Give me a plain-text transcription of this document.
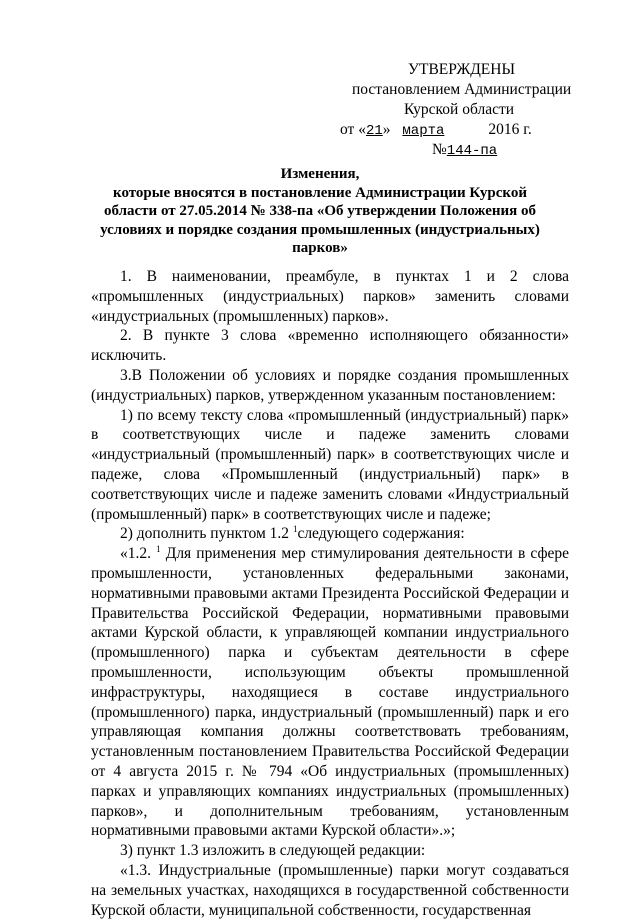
УТВЕРЖДЕНЫ
постановлением Администрации
Курской области
от «21» марта	2016 г.
№144-па
Изменения,
которые вносятся в постановление Администрации Курской
области от 27.05.2014 № 338-па «Об утверждении Положения об
условиях и порядке создания промышленных (индустриальных)
парков»

1. В наименовании, преамбуле, в пунктах 1 и 2 слова «промышленных (индустриальных) парков» заменить словами «индустриальных (промышленных) парков».

2. В пункте 3 слова «временно исполняющего обязанности» исключить.

3.В Положении об условиях и порядке создания промышленных (индустриальных) парков, утвержденном указанным постановлением:

1) по всему тексту слова «промышленный (индустриальный) парк» в соответствующих числе и падеже заменить словами «индустриальный (промышленный) парк» в соответствующих числе и падеже, слова «Промышленный (индустриальный) парк» в соответствующих числе и падеже заменить словами «Индустриальный (промышленный) парк» в соответствующих числе и падеже;

2) дополнить пунктом 1.2 $^1$следующего содержания:

«1.2. $^1$ Для применения мер стимулирования деятельности в сфере промышленности, установленных федеральными законами, нормативными правовыми актами Президента Российской Федерации и Правительства Российской Федерации, нормативными правовыми актами Курской области, к управляющей компании индустриального (промышленного) парка и субъектам деятельности в сфере промышленности, использующим объекты промышленной инфраструктуры, находящиеся в составе индустриального (промышленного) парка, индустриальный (промышленный) парк и его управляющая компания должны соответствовать требованиям, установленным постановлением Правительства Российской Федерации от 4 августа 2015 г. № 794 «Об индустриальных (промышленных) парках и управляющих компаниях индустриальных (промышленных) парков», и дополнительным требованиям, установленным нормативными правовыми актами Курской области».»;

3) пункт 1.3 изложить в следующей редакции:

«1.3. Индустриальные (промышленные) парки могут создаваться на земельных участках, находящихся в государственной собственности Курской области, муниципальной собственности, государственная
